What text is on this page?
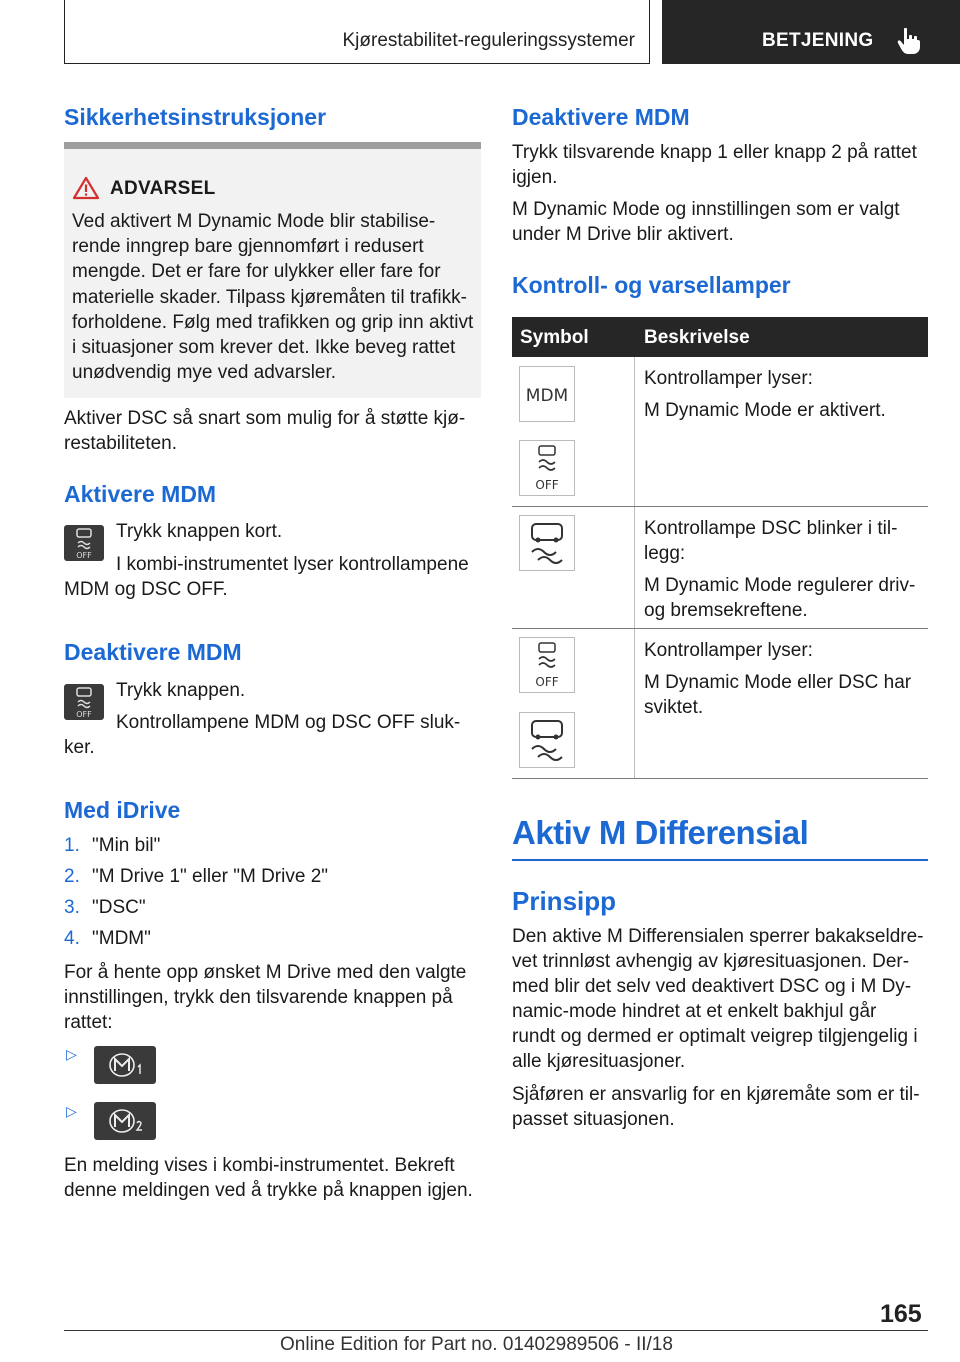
Kjørestabilitet-reguleringssystemer	BETJENING
Sikkerhetsinstruksjoner
ADVARSEL
Ved aktivert M Dynamic Mode blir stabilise-
rende inngrep bare gjennomført i redusert
mengde. Det er fare for ulykker eller fare for
materielle skader. Tilpass kjøremåten til trafikk-
forholdene. Følg med trafikken og grip inn aktivt
i situasjoner som krever det. Ikke beveg rattet
unødvendig mye ved advarsler.
Aktiver DSC så snart som mulig for å støtte kjø-
restabiliteten.
Aktivere MDM
OFF
Trykk knappen kort.
I kombi-instrumentet lyser kontrollampene
MDM og DSC OFF.
Deaktivere MDM
OFF
Trykk knappen.
Kontrollampene MDM og DSC OFF sluk-
ker.
Med iDrive
1. "Min bil"
2. "M Drive 1" eller "M Drive 2"
3. "DSC"
4. "MDM"
For å hente opp ønsket M Drive med den valgte
innstillingen, trykk den tilsvarende knappen på
rattet:
▷
▷
En melding vises i kombi-instrumentet. Bekreft
denne meldingen ved å trykke på knappen igjen.
Deaktivere MDM
Trykk tilsvarende knapp 1 eller knapp 2 på rattet
igjen.
M Dynamic Mode og innstillingen som er valgt
under M Drive blir aktivert.
Kontroll- og varsellamper
Symbol	Beskrivelse
MDM
OFF
Kontrollamper lyser:
M Dynamic Mode er aktivert.
Kontrollampe DSC blinker i til-
legg:
M Dynamic Mode regulerer driv-
og bremsekreftene.
OFF
Kontrollamper lyser:
M Dynamic Mode eller DSC har
sviktet.
Aktiv M Differensial
Prinsipp
Den aktive M Differensialen sperrer bakakseldre-
vet trinnløst avhengig av kjøresituasjonen. Der-
med blir det selv ved deaktivert DSC og i M Dy-
namic-mode hindret at et enkelt bakhjul går
rundt og dermed er optimalt veigrep tilgjengelig i
alle kjøresituasjoner.
Sjåføren er ansvarlig for en kjøremåte som er til-
passet situasjonen.
165
Online Edition for Part no. 01402989506 - II/18
